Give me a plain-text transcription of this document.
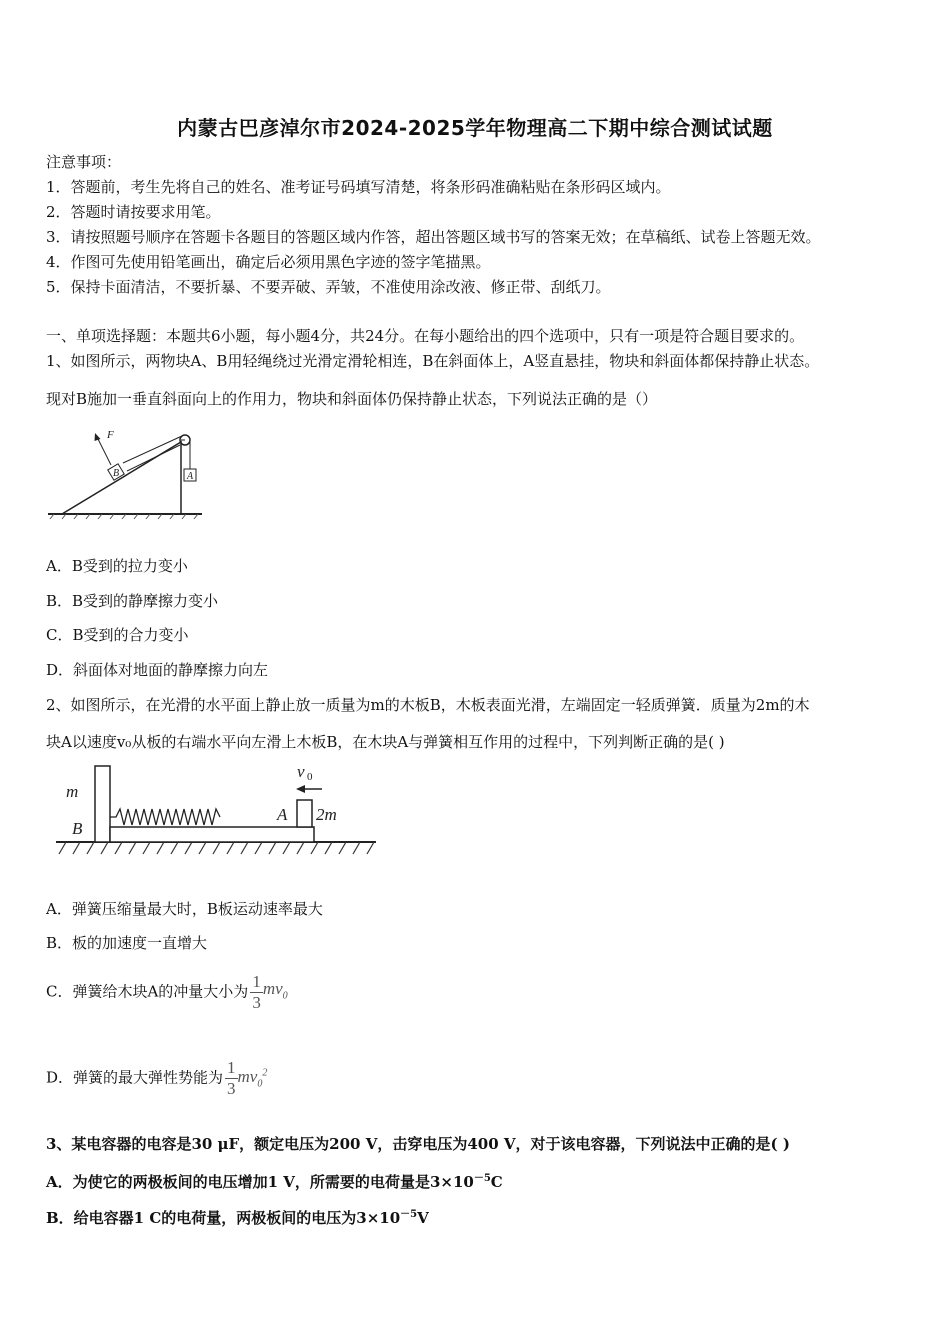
内蒙古巴彦淖尔市2024-2025学年物理高二下期中综合测试试题
注意事项：
1．答题前，考生先将自己的姓名、准考证号码填写清楚，将条形码准确粘贴在条形码区域内。
2．答题时请按要求用笔。
3．请按照题号顺序在答题卡各题目的答题区域内作答，超出答题区域书写的答案无效；在草稿纸、试卷上答题无效。
4．作图可先使用铅笔画出，确定后必须用黑色字迹的签字笔描黑。
5．保持卡面清洁，不要折暴、不要弄破、弄皱，不准使用涂改液、修正带、刮纸刀。
一、单项选择题：本题共6小题，每小题4分，共24分。在每小题给出的四个选项中，只有一项是符合题目要求的。
1、如图所示，两物块A、B用轻绳绕过光滑定滑轮相连，B在斜面体上，A竖直悬挂，物块和斜面体都保持静止状态。
现对B施加一垂直斜面向上的作用力，物块和斜面体仍保持静止状态，下列说法正确的是（）
B	A
F
A．B受到的拉力变小
B．B受到的静摩擦力变小
C．B受到的合力变小
D．斜面体对地面的静摩擦力向左
2、如图所示，在光滑的水平面上静止放一质量为m的木板B，木板表面光滑，左端固定一轻质弹簧．质量为2m的木
块A以速度v₀从板的右端水平向左滑上木板B，在木块A与弹簧相互作用的过程中，下列判断正确的是( )
m
B
A 2m
v 0
A．弹簧压缩量最大时，B板运动速率最大
B．板的加速度一直增大
C．弹簧给木块A的冲量大小为 $\frac{1}{3} mv_0$
D．弹簧的最大弹性势能为 $\frac{1}{3} mv_0^2$
3、某电容器的电容是30 μF，额定电压为200 V，击穿电压为400 V，对于该电容器，下列说法中正确的是( )
A．为使它的两极板间的电压增加1 V，所需要的电荷量是$3\times 10^{-5}C$
B．给电容器1 C的电荷量，两极板间的电压为$3\times 10^{-5}V$
